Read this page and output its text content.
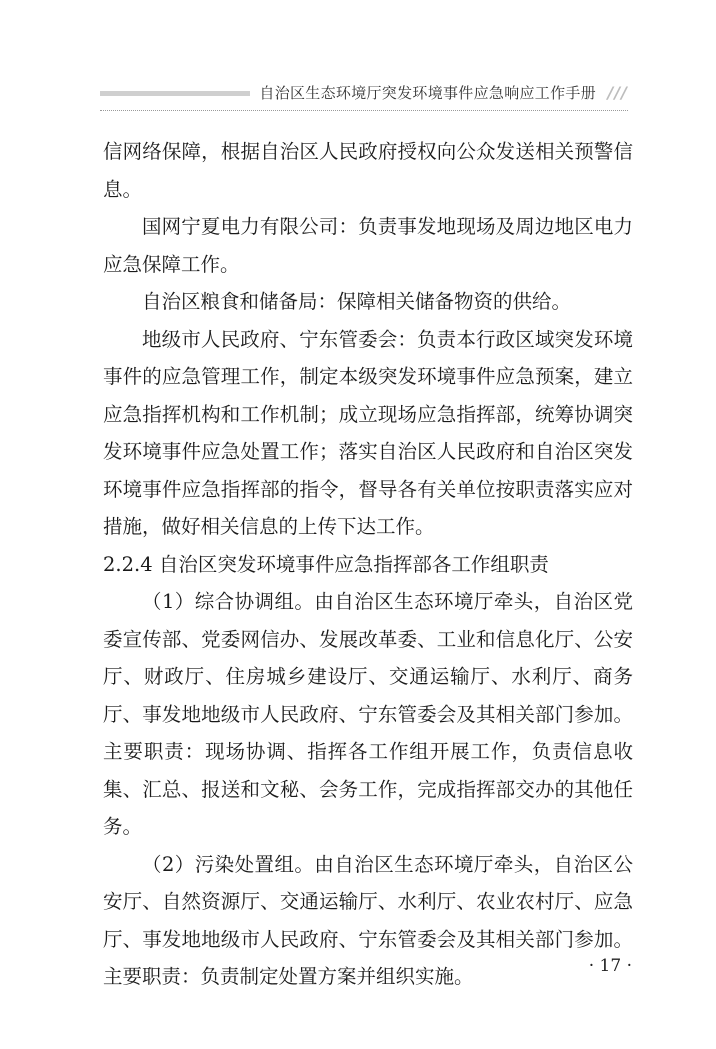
自治区生态环境厅突发环境事件应急响应工作手册 ///

信网络保障，根据自治区人民政府授权向公众发送相关预警信息。

国网宁夏电力有限公司：负责事发地现场及周边地区电力应急保障工作。

自治区粮食和储备局：保障相关储备物资的供给。

地级市人民政府、宁东管委会：负责本行政区域突发环境事件的应急管理工作，制定本级突发环境事件应急预案，建立应急指挥机构和工作机制；成立现场应急指挥部，统筹协调突发环境事件应急处置工作；落实自治区人民政府和自治区突发环境事件应急指挥部的指令，督导各有关单位按职责落实应对措施，做好相关信息的上传下达工作。

2.2.4 自治区突发环境事件应急指挥部各工作组职责

（1）综合协调组。由自治区生态环境厅牵头，自治区党委宣传部、党委网信办、发展改革委、工业和信息化厅、公安厅、财政厅、住房城乡建设厅、交通运输厅、水利厅、商务厅、事发地地级市人民政府、宁东管委会及其相关部门参加。主要职责：现场协调、指挥各工作组开展工作，负责信息收集、汇总、报送和文秘、会务工作，完成指挥部交办的其他任务。

（2）污染处置组。由自治区生态环境厅牵头，自治区公安厅、自然资源厅、交通运输厅、水利厅、农业农村厅、应急厅、事发地地级市人民政府、宁东管委会及其相关部门参加。主要职责：负责制定处置方案并组织实施。	· 17 ·
